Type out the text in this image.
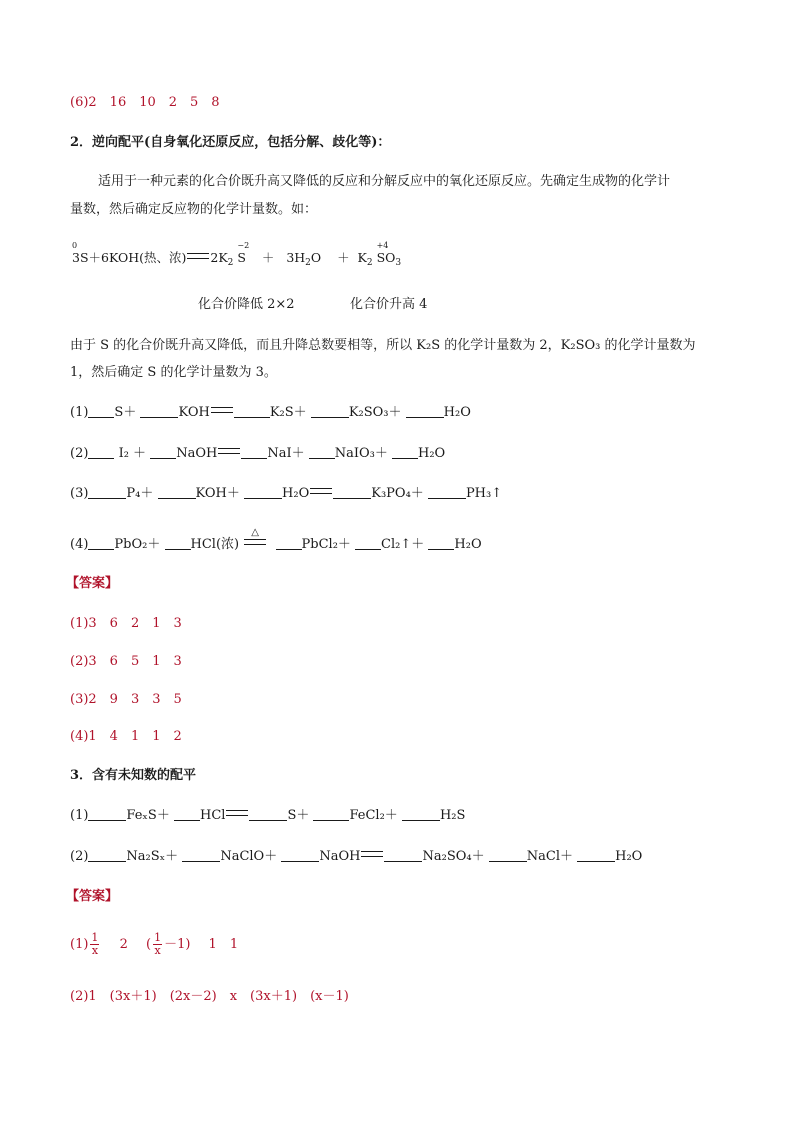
(6)2　16　10　2　5　8
2．逆向配平(自身氧化还原反应，包括分解、歧化等)：
适用于一种元素的化合价既升高又降低的反应和分解反应中的氧化还原反应。先确定生成物的化学计
量数，然后确定反应物的化学计量数。如：
0
3S＋6KOH(热、浓) $2K_2$
−2
$S + 3H_2O + K_2$
+4
$SO_3$
化合价降低 2×2	化合价升高 4
由于 S 的化合价既升高又降低，而且升降总数要相等，所以 K₂S 的化学计量数为 2，K₂SO₃ 的化学计量数为
1，然后确定 S 的化学计量数为 3。
(1) S＋	KOH	K₂S＋	K₂SO₃＋	H₂O
(2) I₂ ＋ NaOH	NaI＋ NaIO₃＋ H₂O
(3)	P₄＋	KOH＋	H₂O	K₃PO₄＋	PH₃↑
(4) PbO₂＋ HCl(浓)
△
PbCl₂＋ Cl₂↑＋ H₂O
【答案】
(1)3　6　2　1　3
(2)3　6　5　1　3
(3)2　9　3　3　5
(4)1　4　1　1　2
3．含有未知数的配平
(1)	FeₓS＋ HCl	S＋	FeCl₂＋	H₂S
(2)	Na₂Sₓ＋	NaClO＋	NaOH	Na₂SO₄＋	NaCl＋	H₂O
【答案】
$(1) \frac{1}{x} 2$ ( $\frac{1}{x} -1$) 1　1
(2)1　(3x＋1)　(2x－2)　x　(3x＋1)　(x－1)
